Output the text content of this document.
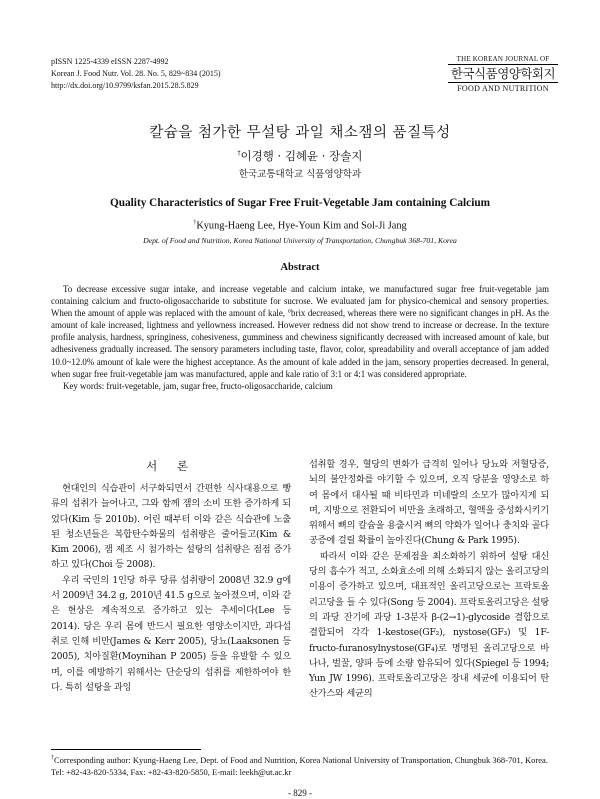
pISSN 1225-4339 eISSN 2287-4992
Korean J. Food Nutr. Vol. 28. No. 5, 829~834 (2015)
http://dx.doi.org/10.9799/ksfan.2015.28.5.829
THE KOREAN JOURNAL OF
한국식품영양학회지
FOOD AND NUTRITION
칼슘을 첨가한 무설탕 과일 채소잼의 품질특성
†이경행 · 김혜윤 · 장솔지
한국교통대학교 식품영양학과
Quality Characteristics of Sugar Free Fruit-Vegetable Jam containing Calcium
†Kyung-Haeng Lee, Hye-Youn Kim and Sol-Ji Jang
Dept. of Food and Nutrition, Korea National University of Transportation, Chungbuk 368-701, Korea
Abstract

To decrease excessive sugar intake, and increase vegetable and calcium intake, we manufactured sugar free fruit-vegetable jam containing calcium and fructo-oligosaccharide to substitute for sucrose. We evaluated jam for physico-chemical and sensory properties. When the amount of apple was replaced with the amount of kale, °brix decreased, whereas there were no significant changes in pH. As the amount of kale increased, lightness and yellowness increased. However redness did not show trend to increase or decrease. In the texture profile analysis, hardness, springiness, cohesiveness, gumminess and chewiness significantly decreased with increased amount of kale, but adhesiveness gradually increased. The sensory parameters including taste, flavor, color, spreadability and overall acceptance of jam added 10.0~12.0% amount of kale were the highest acceptance. As the amount of kale added in the jam, sensory properties decreased. In general, when sugar free fruit-vegetable jam was manufactured, apple and kale ratio of 3:1 or 4:1 was considered appropriate.

Key words: fruit-vegetable, jam, sugar free, fructo-oligosaccharide, calcium

서 론

현대인의 식습관이 서구화되면서 간편한 식사대용으로 빵류의 섭취가 늘어나고, 그와 함께 잼의 소비 또한 증가하게 되었다(Kim 등 2010b). 어린 때부터 이와 같은 식습관에 노출된 청소년들은 복합탄수화물의 섭취량은 줄어들고(Kim & Kim 2006), 잼 제조 시 첨가하는 설탕의 섭취량은 점점 증가하고 있다(Choi 등 2008).

우리 국민의 1인당 하루 당류 섭취량이 2008년 32.9 g에서 2009년 34.2 g, 2010년 41.5 g으로 높아졌으며, 이와 같은 현상은 계속적으로 증가하고 있는 추세이다(Lee 등 2014). 당은 우리 몸에 반드시 필요한 영양소이지만, 과다섭취로 인해 비만(James & Kerr 2005), 당뇨(Laaksonen 등 2005), 치아질환(Moynihan P 2005) 등을 유발할 수 있으며, 이를 예방하기 위해서는 단순당의 섭취를 제한하여야 한다. 특히 설탕을 과잉

섭취할 경우, 혈당의 변화가 급격히 일어나 당뇨와 저혈당증, 뇌의 불안정화를 야기할 수 있으며, 오직 당분을 영양소로 하여 몸에서 대사될 때 비타민과 미네랄의 소모가 많아지게 되며, 지방으로 전환되어 비만을 초래하고, 혈액을 중성화시키기 위해서 뼈의 칼슘을 용출시켜 뼈의 약화가 일어나 충치와 골다공증에 걸릴 확률이 높아진다(Chung & Park 1995).

따라서 이와 같은 문제점을 최소화하기 위하여 설탕 대신 당의 흡수가 적고, 소화효소에 의해 소화되지 않는 올리고당의 이용이 증가하고 있으며, 대표적인 올리고당으로는 프락토올리고당을 들 수 있다(Song 등 2004). 프락토올리고당은 설탕의 과당 잔기에 과당 1-3분자 β-(2→1)-glycoside 결합으로 결합되어 각각 1-kestose(GF₂), nystose(GF₃) 및 1F-fructo-furanosylnystose(GF₄)로 명명된 올리고당으로 바나나, 벌꿀, 양파 등에 소량 함유되어 있다(Spiegel 등 1994; Yun JW 1996). 프락토올리고당은 장내 세균에 이용되어 탄산가스와 세균의

†Corresponding author: Kyung-Haeng Lee, Dept. of Food and Nutrition, Korea National University of Transportation, Chungbuk 368-701, Korea. Tel: +82-43-820-5334, Fax: +82-43-820-5850, E-mail: leekh@ut.ac.kr
- 829 -
